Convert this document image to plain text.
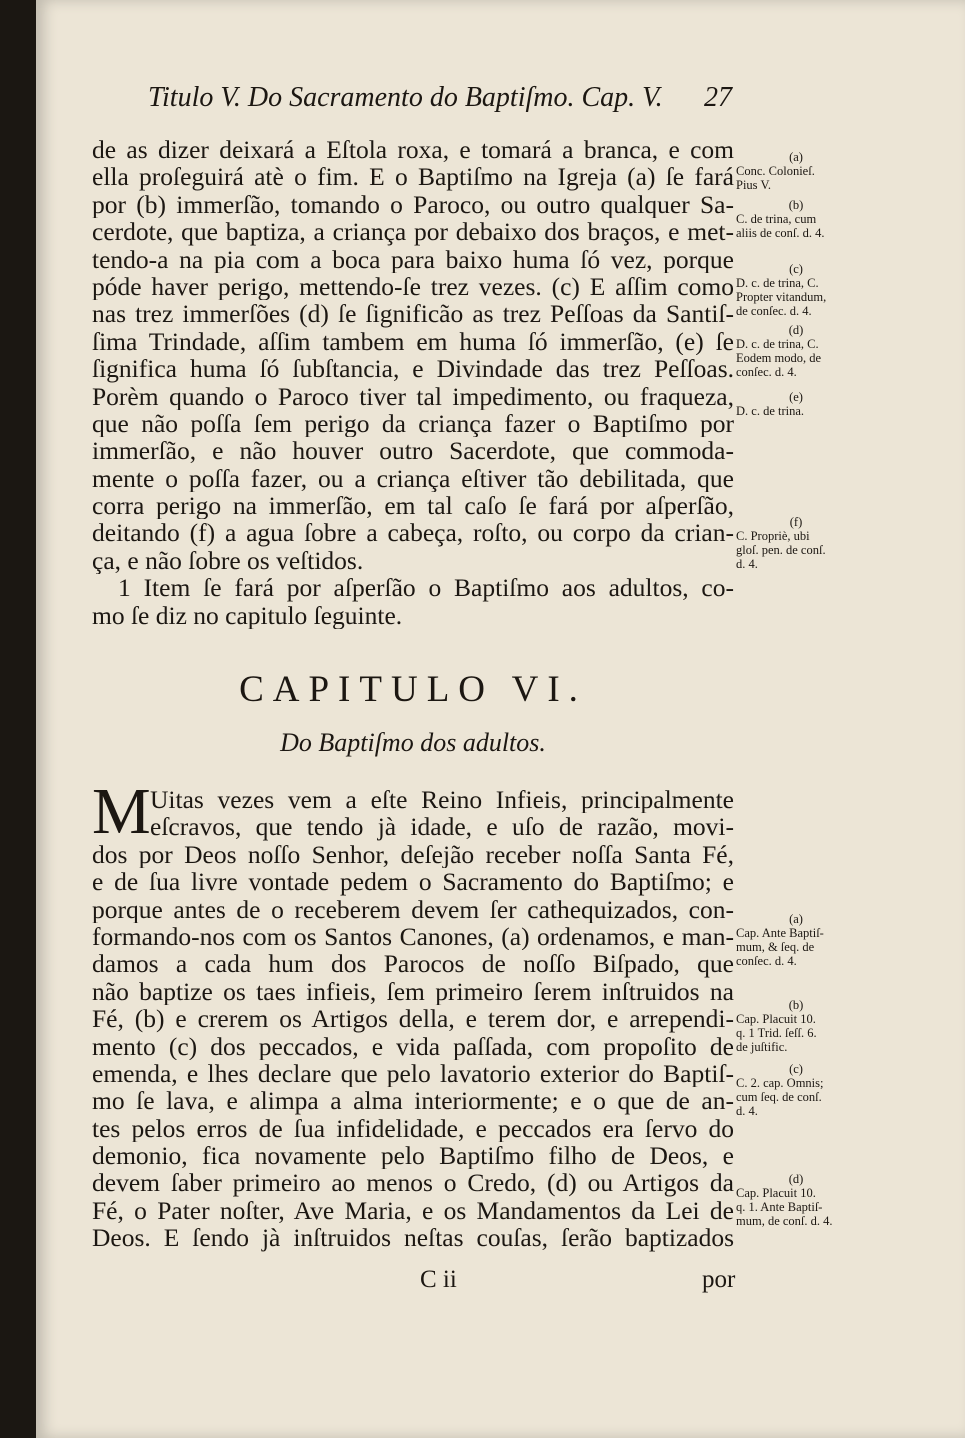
Titulo V. Do Sacramento do Baptiſmo. Cap. V. 27
de as dizer deixará a Eſtola roxa, e tomará a branca, e com
ella proſeguirá atè o fim. E o Baptiſmo na Igreja (a) ſe fará
por (b) immerſão, tomando o Paroco, ou outro qualquer Sa-
cerdote, que baptiza, a criança por debaixo dos braços, e met-
tendo-a na pia com a boca para baixo huma ſó vez, porque
póde haver perigo, mettendo-ſe trez vezes. (c) E aſſim como
nas trez immerſões (d) ſe ſignificão as trez Peſſoas da Santiſ-
ſima Trindade, aſſim tambem em huma ſó immerſão, (e) ſe
ſignifica huma ſó ſubſtancia, e Divindade das trez Peſſoas.
Porèm quando o Paroco tiver tal impedimento, ou fraqueza,
que não poſſa ſem perigo da criança fazer o Baptiſmo por
immerſão, e não houver outro Sacerdote, que commoda-
mente o poſſa fazer, ou a criança eſtiver tão debilitada, que
corra perigo na immerſão, em tal caſo ſe fará por aſperſão,
deitando (f) a agua ſobre a cabeça, roſto, ou corpo da crian-
ça, e não ſobre os veſtidos.
1 Item ſe fará por aſperſão o Baptiſmo aos adultos, co-
mo ſe diz no capitulo ſeguinte.
CAPITULO VI.
Do Baptiſmo dos adultos.
M Uitas vezes vem a eſte Reino Infieis, principalmente
eſcravos, que tendo jà idade, e uſo de razão, movi-
dos por Deos noſſo Senhor, deſejão receber noſſa Santa Fé,
e de ſua livre vontade pedem o Sacramento do Baptiſmo; e
porque antes de o receberem devem ſer cathequizados, con-
formando-nos com os Santos Canones, (a) ordenamos, e man-
damos a cada hum dos Parocos de noſſo Biſpado, que
não baptize os taes infieis, ſem primeiro ſerem inſtruidos na
Fé, (b) e crerem os Artigos della, e terem dor, e arrependi-
mento (c) dos peccados, e vida paſſada, com propoſito de
emenda, e lhes declare que pelo lavatorio exterior do Baptiſ-
mo ſe lava, e alimpa a alma interiormente; e o que de an-
tes pelos erros de ſua infidelidade, e peccados era ſervo do
demonio, fica novamente pelo Baptiſmo filho de Deos, e
devem ſaber primeiro ao menos o Credo, (d) ou Artigos da
Fé, o Pater noſter, Ave Maria, e os Mandamentos da Lei de
Deos. E ſendo jà inſtruidos neſtas couſas, ſerão baptizados
C ii	por
(a)
Conc. Colonieſ.
Pius V.
(b)
C. de trina, cum
aliis de conſ. d. 4.
(c)
D. c. de trina, C.
Propter vitandum,
de conſec. d. 4.
(d)
D. c. de trina, C.
Eodem modo, de
conſec. d. 4.
(e)
D. c. de trina.
(f)
C. Propriè, ubi
gloſ. pen. de conſ.
d. 4.
(a)
Cap. Ante Baptiſ-
mum, & ſeq. de
conſec. d. 4.
(b)
Cap. Placuit 10.
q. 1 Trid. ſeſſ. 6.
de juſtific.
(c)
C. 2. cap. Omnis;
cum ſeq. de conſ.
d. 4.
(d)
Cap. Placuit 10.
q. 1. Ante Baptiſ-
mum, de conſ. d. 4.
